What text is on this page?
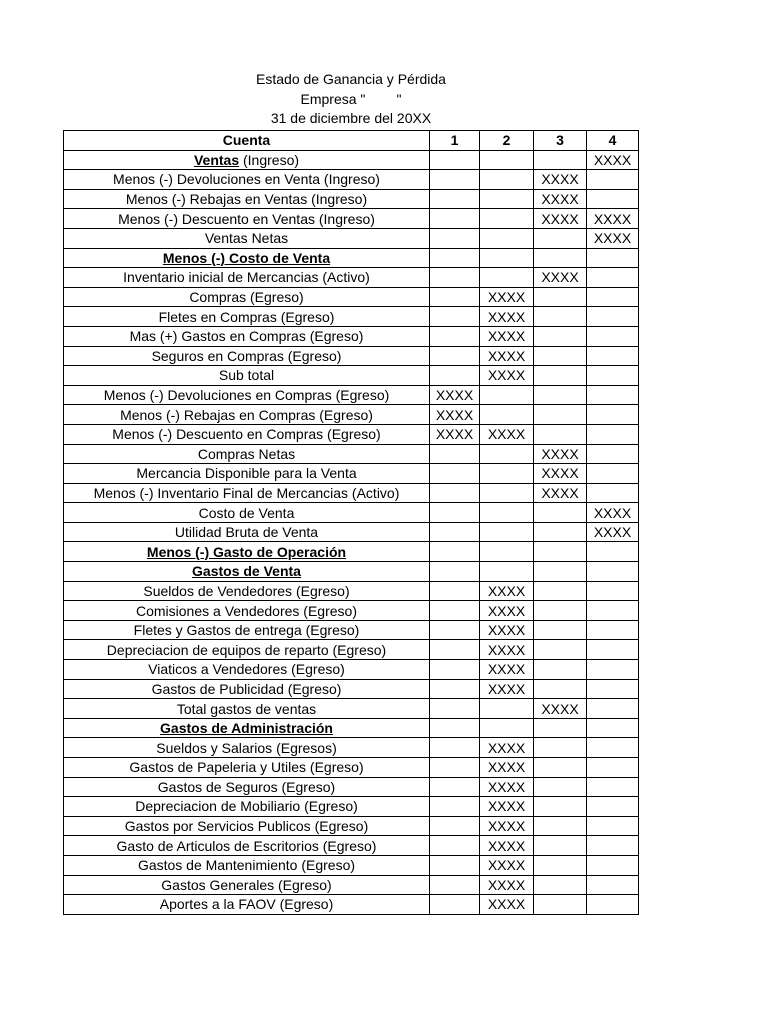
Estado de Ganancia y Pérdida
Empresa "        "
31 de diciembre del 20XX
Cuenta	1	2	3	4
Ventas (Ingreso)				XXXX
Menos (-) Devoluciones en Venta (Ingreso)			XXXX	
Menos (-) Rebajas en Ventas (Ingreso)			XXXX	
Menos (-) Descuento en Ventas (Ingreso)			XXXX	XXXX
Ventas Netas				XXXX
Menos (-) Costo de Venta				
Inventario inicial de Mercancias (Activo)			XXXX	
Compras (Egreso)		XXXX		
Fletes en Compras (Egreso)		XXXX		
Mas (+) Gastos en Compras (Egreso)		XXXX		
Seguros en Compras (Egreso)		XXXX		
Sub total		XXXX		
Menos (-) Devoluciones en Compras (Egreso)	XXXX			
Menos (-) Rebajas en Compras (Egreso)	XXXX			
Menos (-) Descuento en Compras (Egreso)	XXXX	XXXX		
Compras Netas			XXXX	
Mercancia Disponible para la Venta			XXXX	
Menos (-) Inventario Final de Mercancias (Activo)			XXXX	
Costo de Venta				XXXX
Utilidad Bruta de Venta				XXXX
Menos (-) Gasto de Operación				
Gastos de Venta				
Sueldos de Vendedores (Egreso)		XXXX		
Comisiones a Vendedores (Egreso)		XXXX		
Fletes y Gastos de entrega (Egreso)		XXXX		
Depreciacion de equipos de reparto (Egreso)		XXXX		
Viaticos a Vendedores (Egreso)		XXXX		
Gastos de Publicidad (Egreso)		XXXX		
Total gastos de ventas			XXXX	
Gastos de Administración				
Sueldos y Salarios (Egresos)		XXXX		
Gastos de Papeleria y Utiles (Egreso)		XXXX		
Gastos de Seguros (Egreso)		XXXX		
Depreciacion de Mobiliario (Egreso)		XXXX		
Gastos por Servicios Publicos (Egreso)		XXXX		
Gasto de Articulos de Escritorios (Egreso)		XXXX		
Gastos de Mantenimiento (Egreso)		XXXX		
Gastos Generales (Egreso)		XXXX		
Aportes a la FAOV (Egreso)		XXXX		
